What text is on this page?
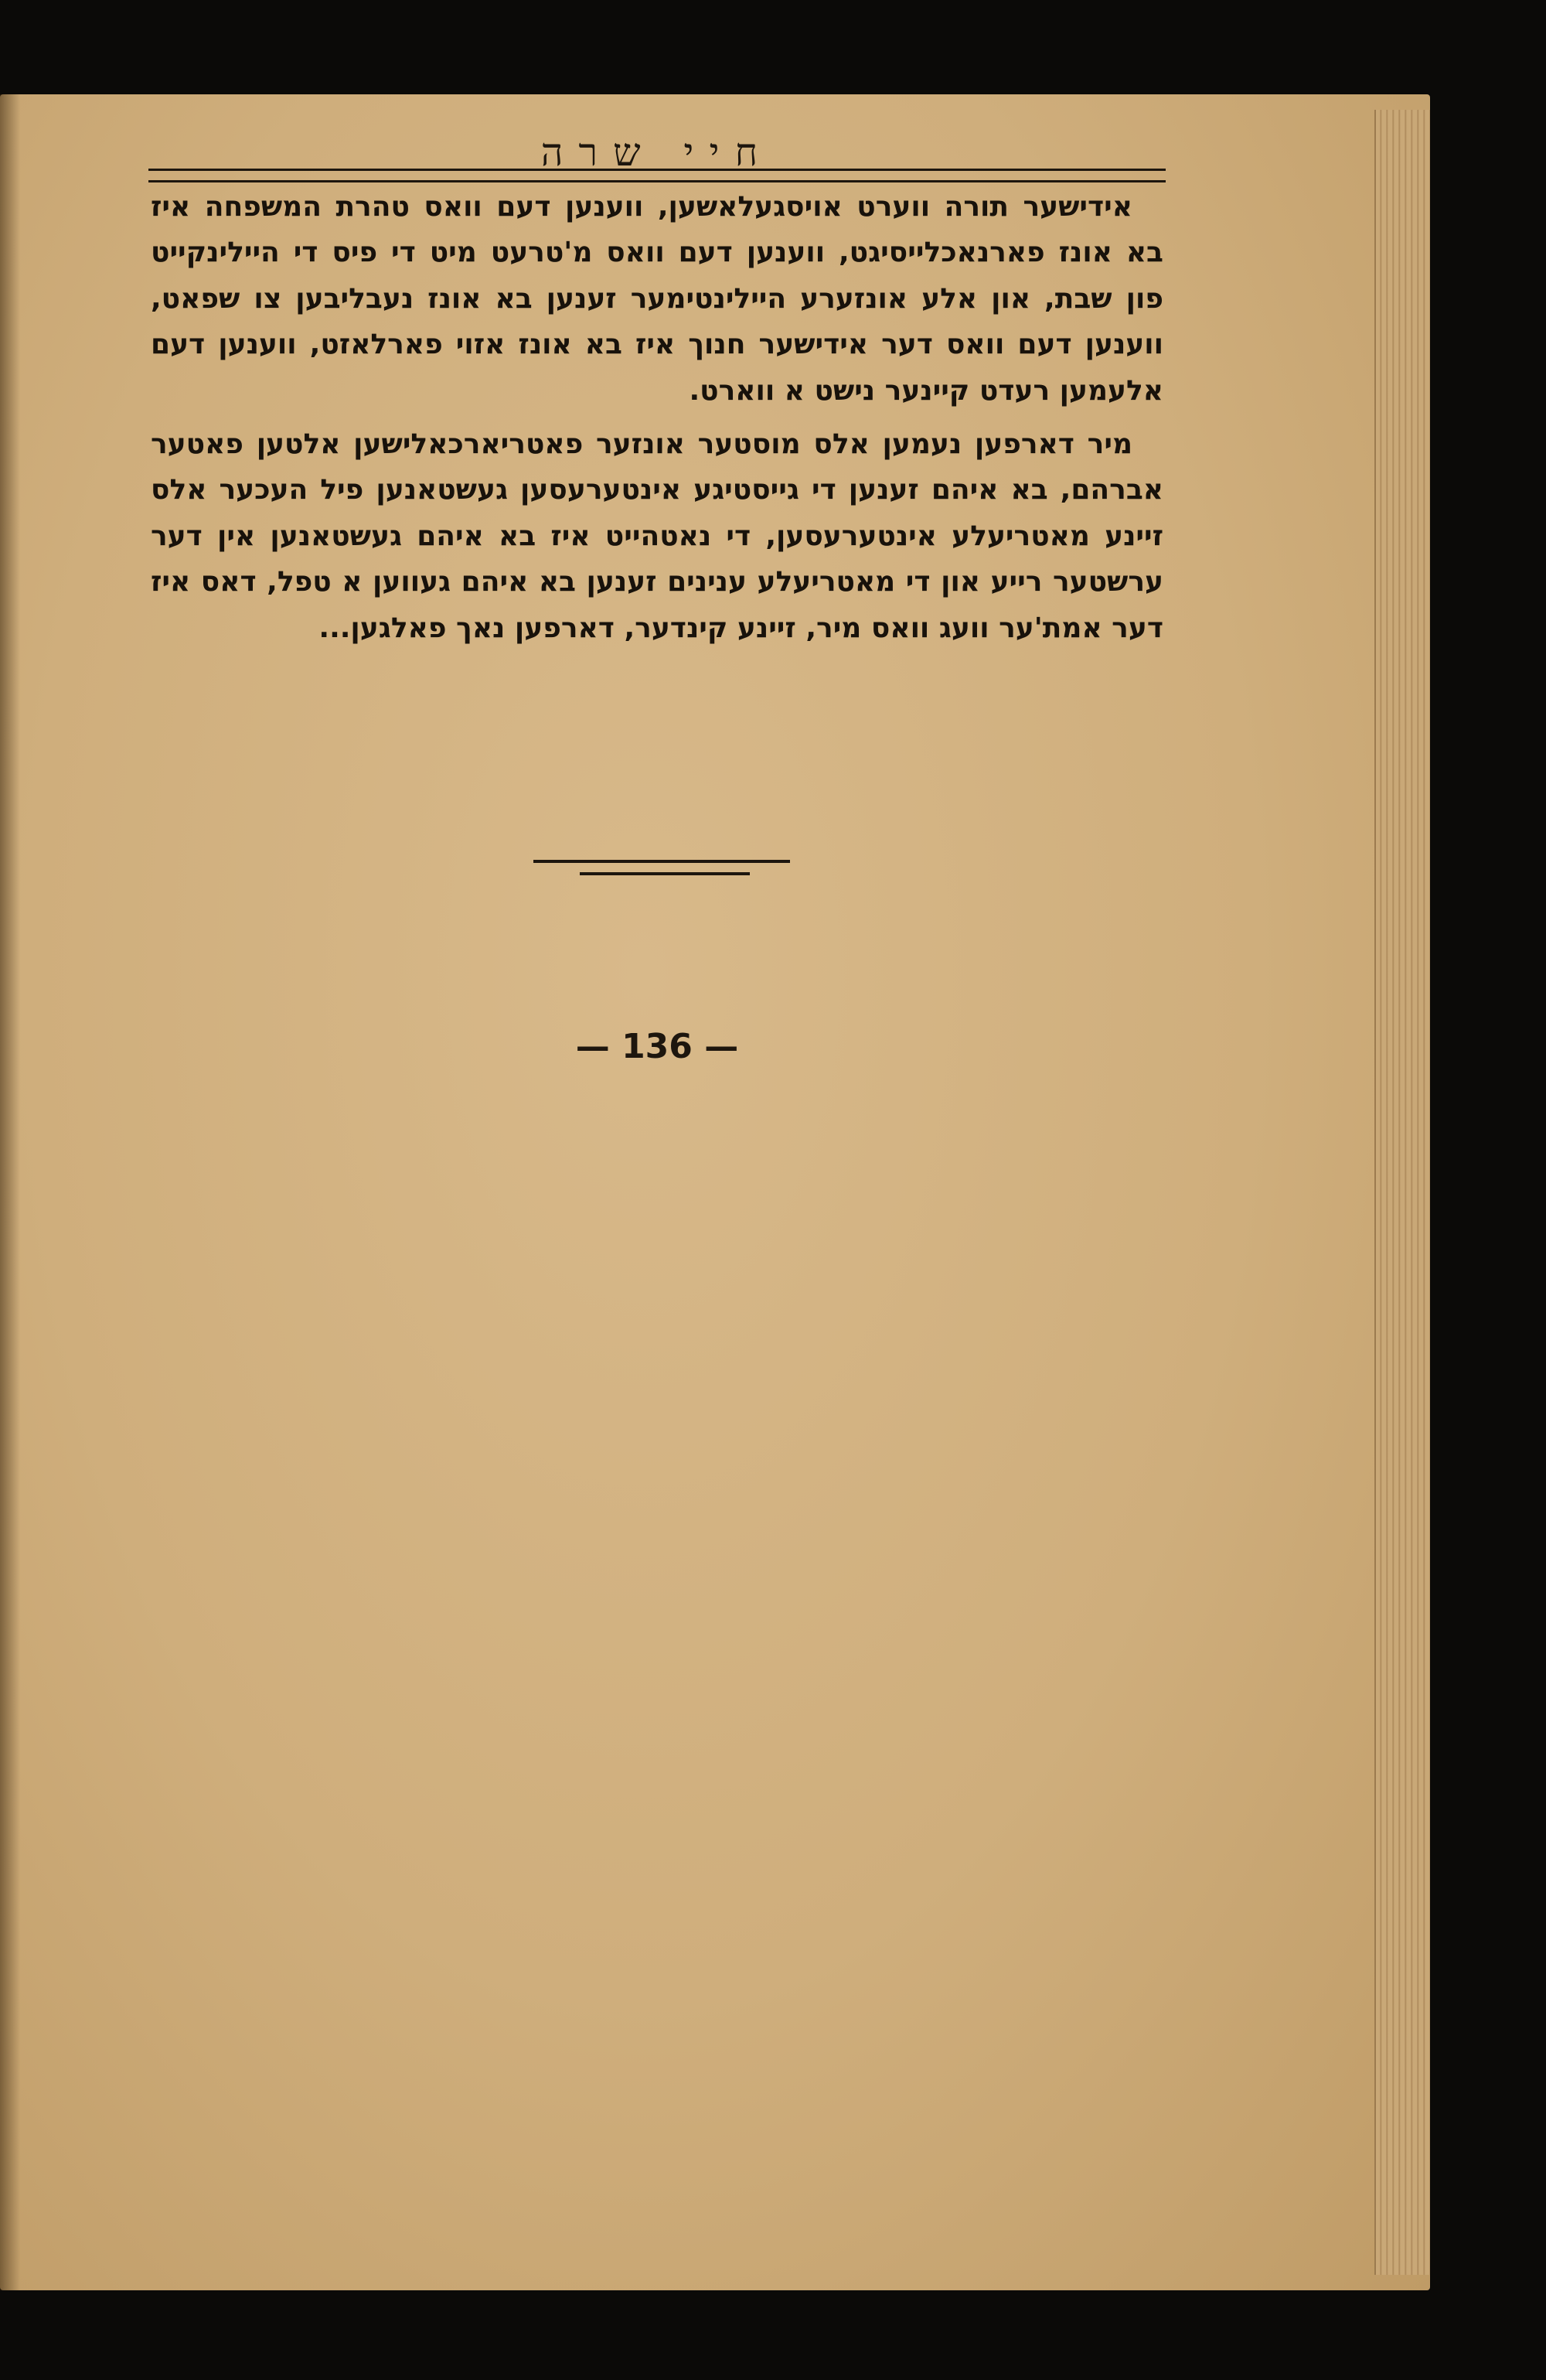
חיי שרה

אידישער תורה ווערט אויסגעלאשען, ווענען דעם וואס טהרת המשפחה איז בא אונז פארנאכלייסיגט, ווענען דעם וואס מ'טרעט מיט די פיס די היילינקייט פון שבת, און אלע אונזערע היילינטימער זענען בא אונז נעבליבען צו שפאט, ווענען דעם וואס דער אידישער חנוך איז בא אונז אזוי פארלאזט, ווענען דעם אלעמען רעדט קיינער נישט א ווארט.

מיר דארפען נעמען אלס מוסטער אונזער פאטריארכאלישען אלטען פאטער אברהם, בא איהם זענען די גייסטיגע אינטערעסען געשטאנען פיל העכער אלס זיינע מאטריעלע אינטערעסען, די נאטהייט איז בא איהם געשטאנען אין דער ערשטער רייע און די מאטריעלע ענינים זענען בא איהם געווען א טפל, דאס איז דער אמת'ער וועג וואס מיר, זיינע קינדער, דארפען נאך פאלגען...

— 136 —
